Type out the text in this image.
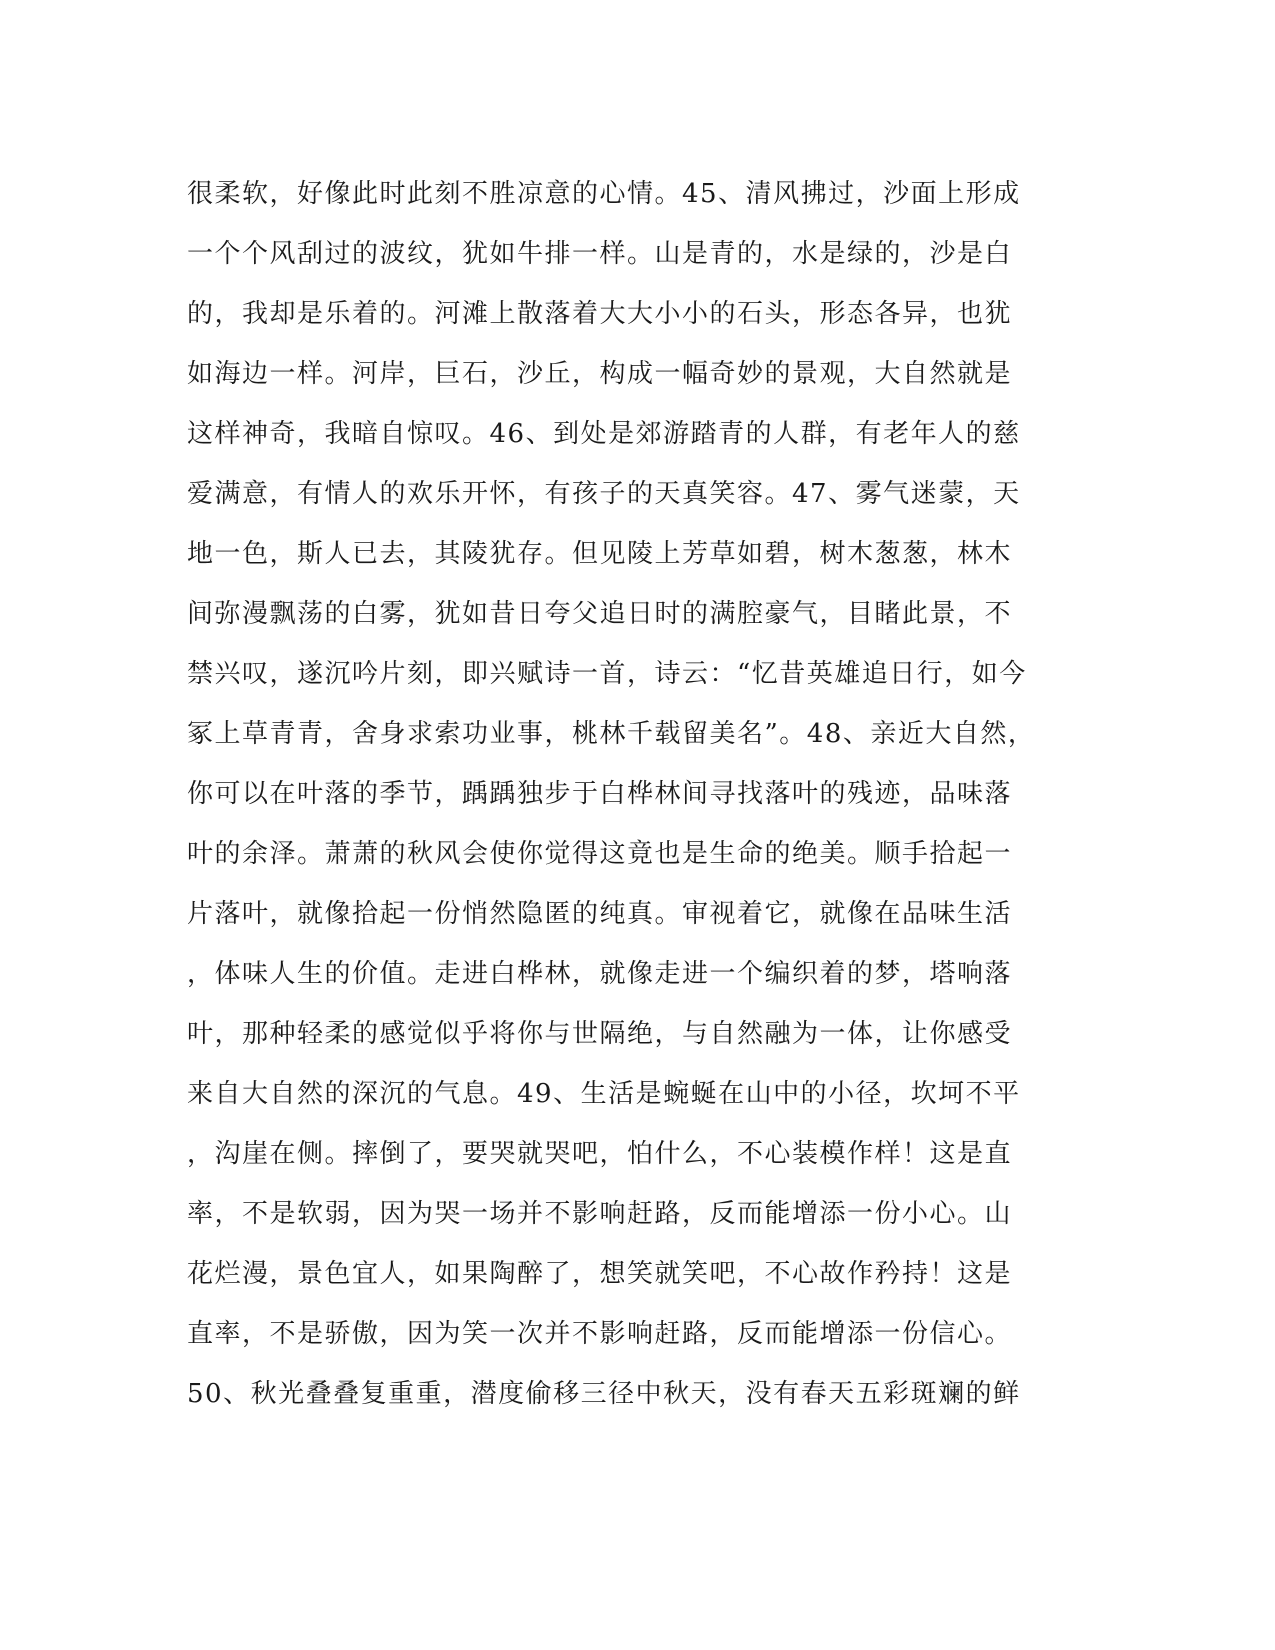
很柔软，好像此时此刻不胜凉意的心情。45、清风拂过，沙面上形成
一个个风刮过的波纹，犹如牛排一样。山是青的，水是绿的，沙是白
的，我却是乐着的。河滩上散落着大大小小的石头，形态各异，也犹
如海边一样。河岸，巨石，沙丘，构成一幅奇妙的景观，大自然就是
这样神奇，我暗自惊叹。46、到处是郊游踏青的人群，有老年人的慈
爱满意，有情人的欢乐开怀，有孩子的天真笑容。47、雾气迷蒙，天
地一色，斯人已去，其陵犹存。但见陵上芳草如碧，树木葱葱，林木
间弥漫飘荡的白雾，犹如昔日夸父追日时的满腔豪气，目睹此景，不
禁兴叹，遂沉吟片刻，即兴赋诗一首，诗云：“忆昔英雄追日行，如今
冢上草青青，舍身求索功业事，桃林千载留美名”。48、亲近大自然，
你可以在叶落的季节，踽踽独步于白桦林间寻找落叶的残迹，品味落
叶的余泽。萧萧的秋风会使你觉得这竟也是生命的绝美。顺手拾起一
片落叶，就像拾起一份悄然隐匿的纯真。审视着它，就像在品味生活
，体味人生的价值。走进白桦林，就像走进一个编织着的梦，塔响落
叶，那种轻柔的感觉似乎将你与世隔绝，与自然融为一体，让你感受
来自大自然的深沉的气息。49、生活是蜿蜒在山中的小径，坎坷不平
，沟崖在侧。摔倒了，要哭就哭吧，怕什么，不心装模作样！这是直
率，不是软弱，因为哭一场并不影响赶路，反而能增添一份小心。山
花烂漫，景色宜人，如果陶醉了，想笑就笑吧，不心故作矜持！这是
直率，不是骄傲，因为笑一次并不影响赶路，反而能增添一份信心。
50、秋光叠叠复重重，潜度偷移三径中秋天，没有春天五彩斑斓的鲜
